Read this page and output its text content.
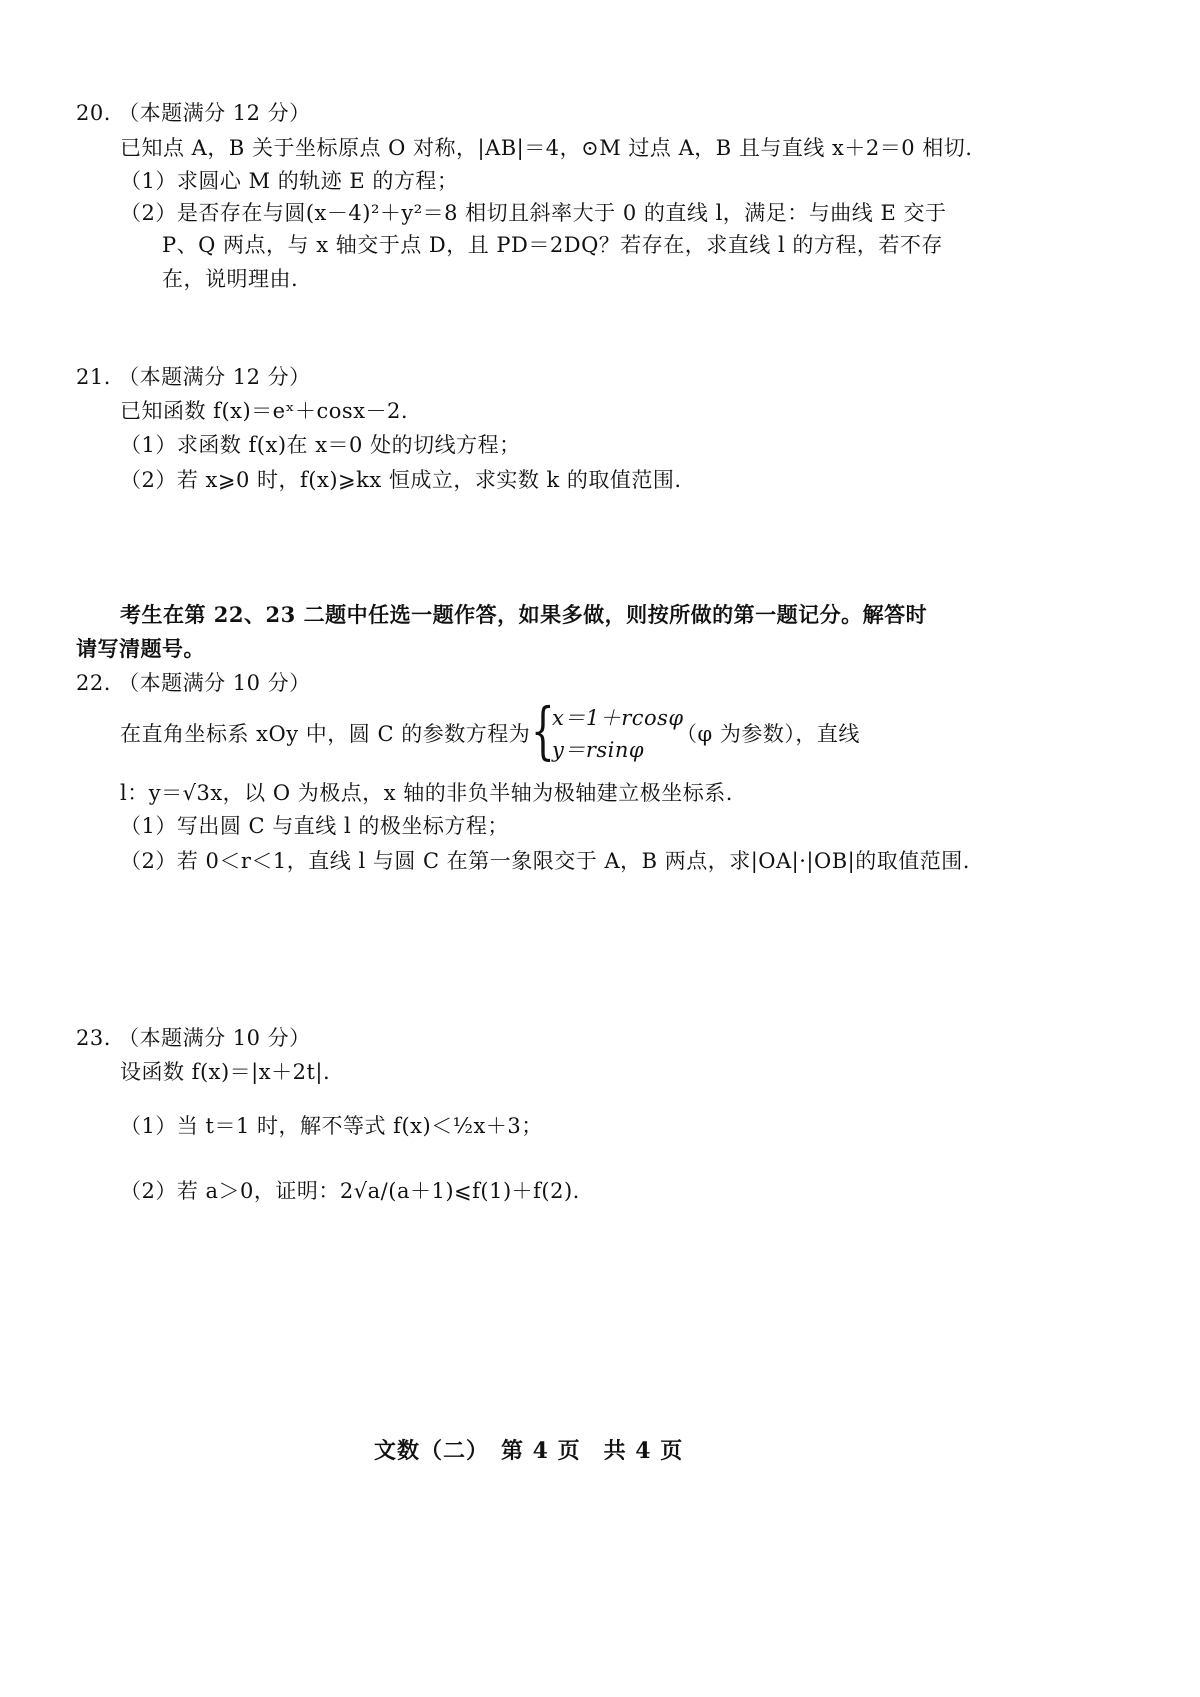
20. （本题满分 12 分）
已知点 A，B 关于坐标原点 O 对称，|AB|＝4，⊙M 过点 A，B 且与直线 x＋2＝0 相切.
（1）求圆心 M 的轨迹 E 的方程；
（2）是否存在与圆(x－4)²＋y²＝8 相切且斜率大于 0 的直线 l，满足：与曲线 E 交于
P、Q 两点，与 x 轴交于点 D，且 PD＝2DQ？若存在，求直线 l 的方程，若不存
在，说明理由.
21. （本题满分 12 分）
已知函数 f(x)＝eˣ＋cosx－2.
（1）求函数 f(x)在 x＝0 处的切线方程；
（2）若 x⩾0 时，f(x)⩾kx 恒成立，求实数 k 的取值范围.
考生在第 22、23 二题中任选一题作答，如果多做，则按所做的第一题记分。解答时
请写清题号。
22. （本题满分 10 分）
在直角坐标系 xOy 中，圆 C 的参数方程为 {
x＝1＋rcosφ
y＝rsinφ
（φ 为参数），直线
l：y＝√3x，以 O 为极点，x 轴的非负半轴为极轴建立极坐标系.
（1）写出圆 C 与直线 l 的极坐标方程；
（2）若 0＜r＜1，直线 l 与圆 C 在第一象限交于 A，B 两点，求|OA|·|OB|的取值范围.
23. （本题满分 10 分）
设函数 f(x)＝|x＋2t|.
（1）当 t＝1 时，解不等式 f(x)＜½x＋3；
（2）若 a＞0，证明：2√a/(a＋1)⩽f(1)＋f(2).
文数（二）　第 4 页　共 4 页
